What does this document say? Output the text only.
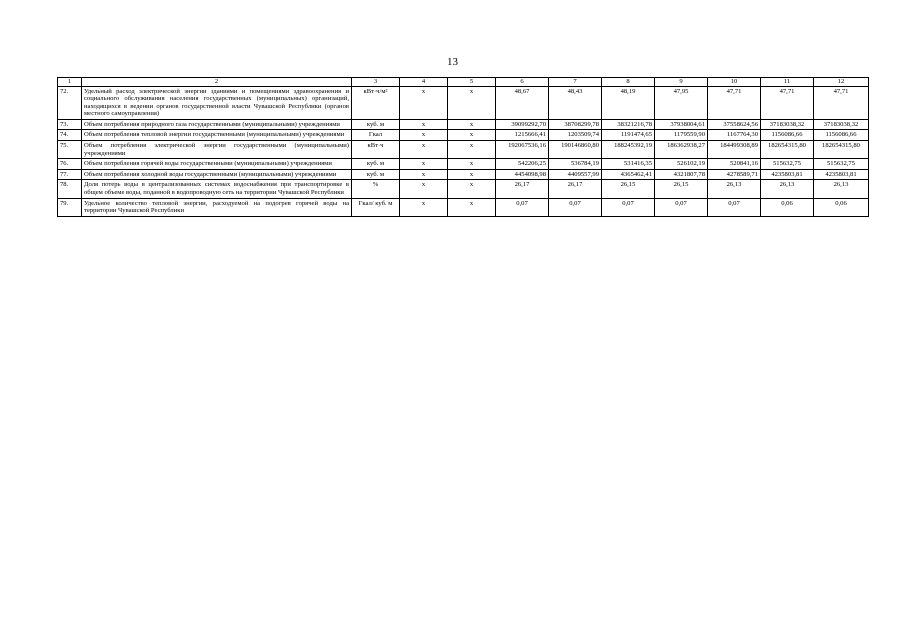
13
1	2	3	4	5	6	7	8	9	10	11	12
72.	Удельный расход электрической энергии зданиями и помещениями здравоохранения и социального обслуживания населения государственных (муниципальных) организаций, находящихся в ведении органов государственной власти Чувашской Республики (органов местного самоуправления)	кВт·ч/м²	х	х	48,67	48,43	48,19	47,95	47,71	47,71	47,71
73.	Объем потребления природного газа государственными (муниципальными) учреждениями	куб. м	х	х	39099292,70	38708299,78	38321216,78	37938004,61	37558624,56	37183038,32	37183038,32
74.	Объем потребления тепловой энергии государственными (муниципальными) учреждениями	Гкал	х	х	1215666,41	1203509,74	1191474,65	1179559,90	1167764,30	1156086,66	1156086,66
75.	Объем потребления электрической энергии государственными (муниципальными) учреждениями	кВт·ч	х	х	192067536,16	190146860,80	188245392,19	186362938,27	184499308,89	182654315,80	182654315,80
76.	Объем потребления горячей воды государственными (муниципальными) учреждениями	куб. м	х	х	542206,25	536784,19	531416,35	526102,19	520841,16	515632,75	515632,75
77.	Объем потребления холодной воды государственными (муниципальными) учреждениями	куб. м	х	х	4454098,98	4409557,99	4365462,41	4321807,78	4278589,71	4235803,81	4235803,81
78.	Доля потерь воды в централизованных системах водоснабжения при транспортировке в общем объеме воды, поданной в водопроводную сеть на территории Чувашской Республики	%	х	х	26,17	26,17	26,15	26,15	26,13	26,13	26,13
79.	Удельное количество тепловой энергии, расходуемой на подогрев горячей воды на территории Чувашской Республики	Гкал/ куб. м	х	х	0,07	0,07	0,07	0,07	0,07	0,06	0,06
